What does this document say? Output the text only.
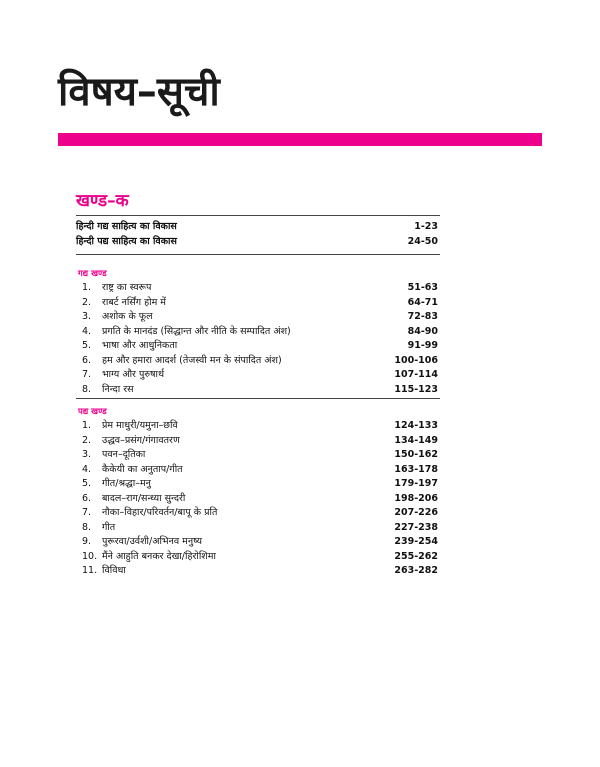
विषय–सूची
खण्ड–क
हिन्दी गद्य साहित्य का विकास	1-23
हिन्दी पद्य साहित्य का विकास	24-50
गद्य खण्ड
1.	राष्ट्र का स्वरूप	51-63
2.	राबर्ट नर्सिंग होम में	64-71
3.	अशोक के फूल	72-83
4.	प्रगति के मानदंड (सिद्धान्त और नीति के सम्पादित अंश)	84-90
5.	भाषा और आधुनिकता	91-99
6.	हम और हमारा आदर्श (तेजस्वी मन के संपादित अंश)	100-106
7.	भाग्य और पुरुषार्थ	107-114
8.	निन्दा रस	115-123
पद्य खण्ड
1.	प्रेम माधुरी/यमुना–छवि	124-133
2.	उद्धव–प्रसंग/गंगावतरण	134-149
3.	पवन–दूतिका	150-162
4.	कैकेयी का अनुताप/गीत	163-178
5.	गीत/श्रद्धा–मनु	179-197
6.	बादल–राग/सन्ध्या सुन्दरी	198-206
7.	नौका–विहार/परिवर्तन/बापू के प्रति	207-226
8.	गीत	227-238
9.	पुरूरवा/उर्वशी/अभिनव मनुष्य	239-254
10. मैंने आहुति बनकर देखा/हिरोशिमा	255-262
11. विविधा	263-282
